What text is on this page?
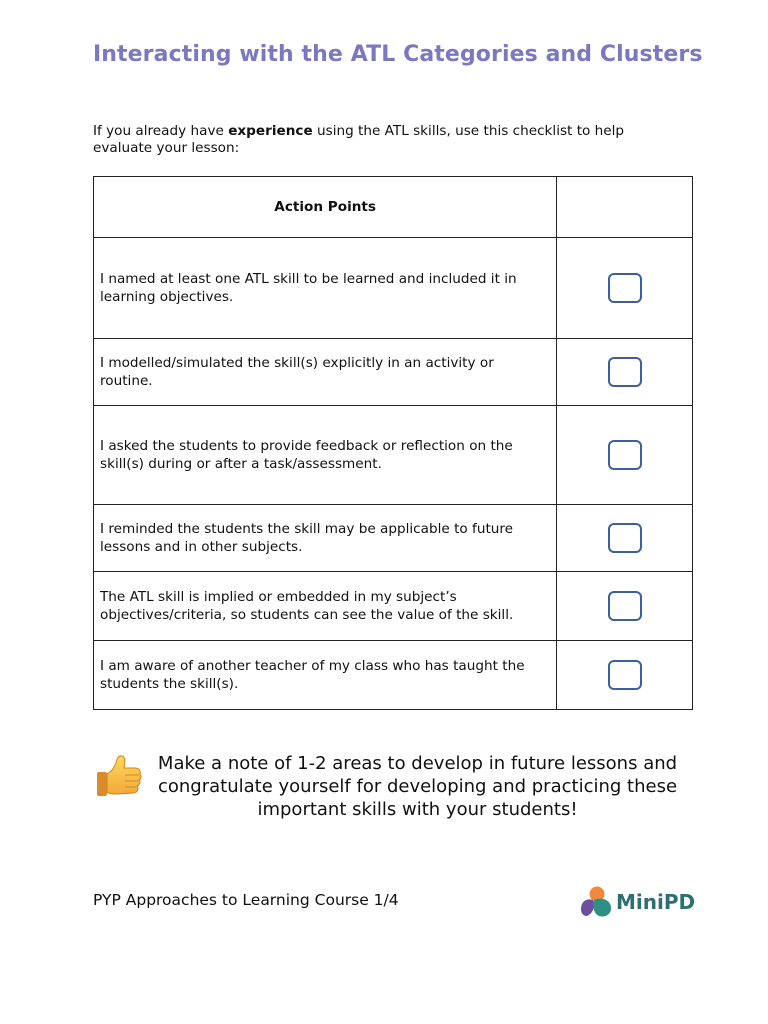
Interacting with the ATL Categories and Clusters
If you already have experience using the ATL skills, use this checklist to help evaluate your lesson:
Action Points	
I named at least one ATL skill to be learned and included it in learning objectives.	
I modelled/simulated the skill(s) explicitly in an activity or routine.	
I asked the students to provide feedback or reflection on the skill(s) during or after a task/assessment.	
I reminded the students the skill may be applicable to future lessons and in other subjects.	
The ATL skill is implied or embedded in my subject’s objectives/criteria, so students can see the value of the skill.	
I am aware of another teacher of my class who has taught the students the skill(s).	
Make a note of 1-2 areas to develop in future lessons and congratulate yourself for developing and practicing these important skills with your students!
PYP Approaches to Learning Course 1/4	MiniPD
